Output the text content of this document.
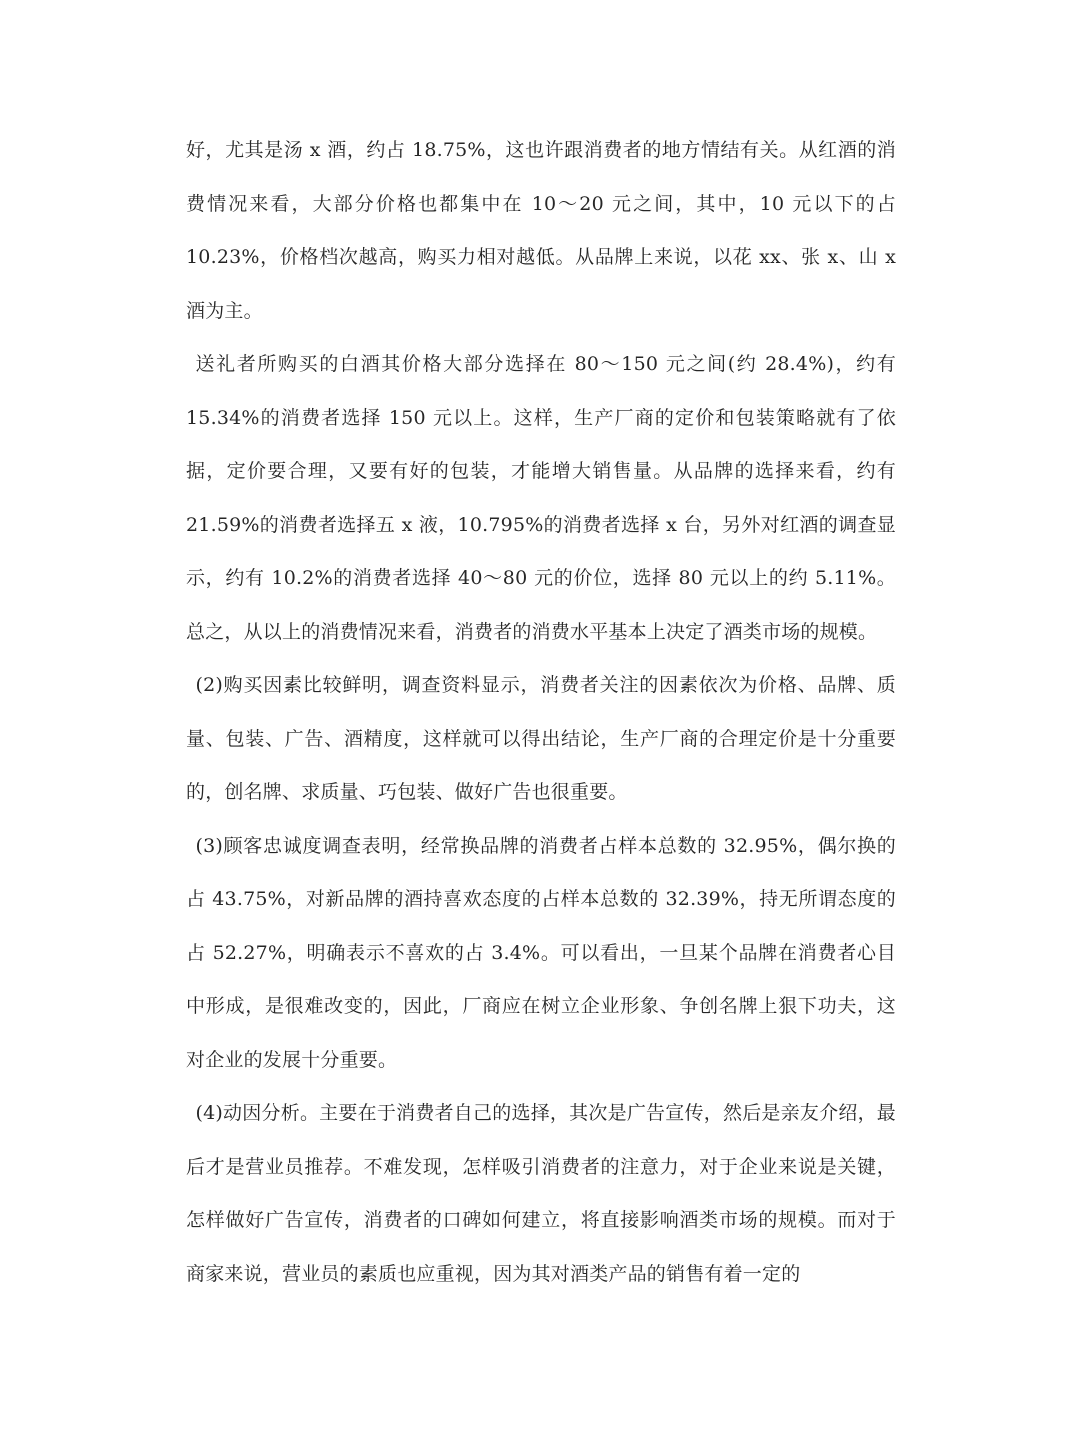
好，尤其是汤 x 酒，约占 18.75%，这也许跟消费者的地方情结有关。从红酒的消费情况来看，大部分价格也都集中在 10～20 元之间，其中，10 元以下的占 10.23%，价格档次越高，购买力相对越低。从品牌上来说，以花 xx、张 x、山 x 酒为主。

送礼者所购买的白酒其价格大部分选择在 80～150 元之间(约 28.4%)，约有 15.34%的消费者选择 150 元以上。这样，生产厂商的定价和包装策略就有了依据，定价要合理，又要有好的包装，才能增大销售量。从品牌的选择来看，约有 21.59%的消费者选择五 x 液，10.795%的消费者选择 x 台，另外对红酒的调查显示，约有 10.2%的消费者选择 40～80 元的价位，选择 80 元以上的约 5.11%。总之，从以上的消费情况来看，消费者的消费水平基本上决定了酒类市场的规模。

(2)购买因素比较鲜明，调查资料显示，消费者关注的因素依次为价格、品牌、质量、包装、广告、酒精度，这样就可以得出结论，生产厂商的合理定价是十分重要的，创名牌、求质量、巧包装、做好广告也很重要。

(3)顾客忠诚度调查表明，经常换品牌的消费者占样本总数的 32.95%，偶尔换的占 43.75%，对新品牌的酒持喜欢态度的占样本总数的 32.39%，持无所谓态度的占 52.27%，明确表示不喜欢的占 3.4%。可以看出，一旦某个品牌在消费者心目中形成，是很难改变的，因此，厂商应在树立企业形象、争创名牌上狠下功夫，这对企业的发展十分重要。

(4)动因分析。主要在于消费者自己的选择，其次是广告宣传，然后是亲友介绍，最后才是营业员推荐。不难发现，怎样吸引消费者的注意力，对于企业来说是关键，怎样做好广告宣传，消费者的口碑如何建立，将直接影响酒类市场的规模。而对于商家来说，营业员的素质也应重视，因为其对酒类产品的销售有着一定的
